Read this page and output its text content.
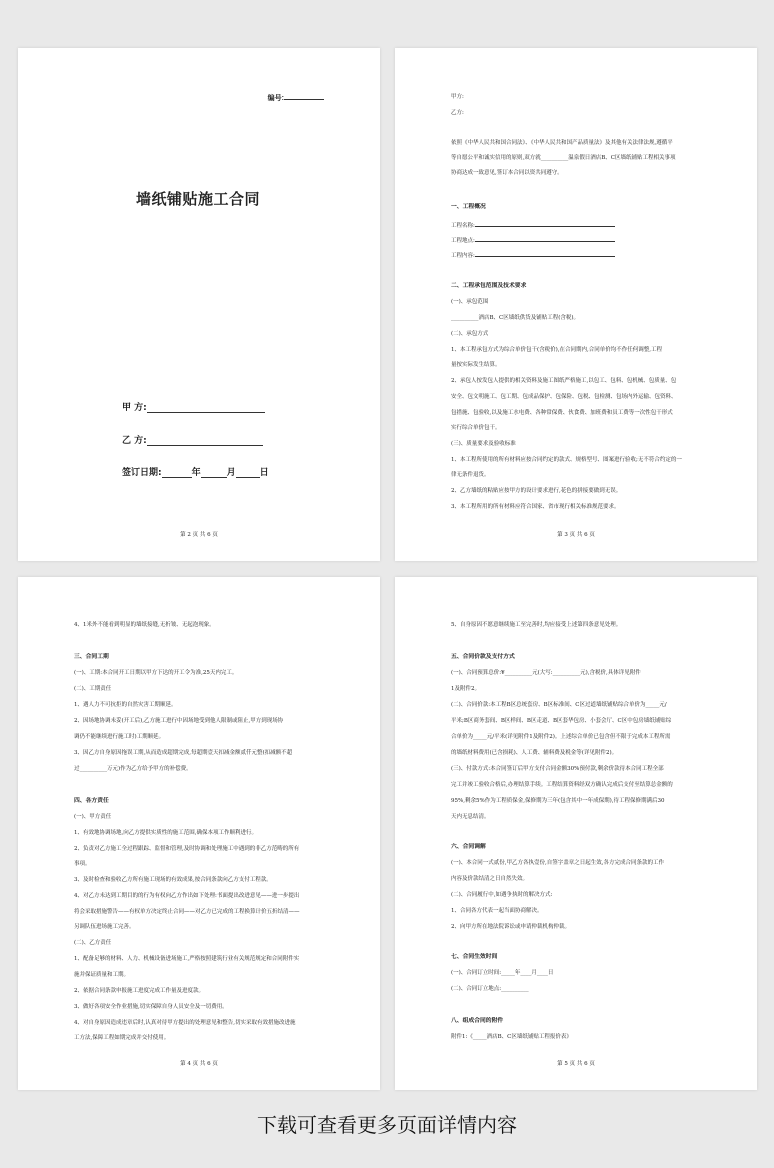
编号:
墙纸铺贴施工合同
甲 方:
乙 方:
签订日期:	年	月	日
第 2 页 共 6 页
甲方:
乙方:
依照《中华人民共和国合同法》、《中华人民共和国产品质量法》及其他有关法律法规,遵循平
等自愿公平和诚实信用的原则,双方就__________温泉假日酒店B、C区墙纸铺贴工程相关事项
协商达成一致意见,签订本合同以资共同遵守。
一、工程概况
工程名称:
工程地点:
工程内容:
二、工程承包范围及技术要求
(一)、承包范围
__________酒店B、C区墙纸供货及铺贴工程(含税)。
(二)、承包方式
1、本工程承包方式为综合单价包干(含税价),在合同期内,合同单价均不作任何调整,工程
量按实际发生结算。
2、承包人按发包人提供的相关资料及施工图纸严格施工,以包工、包料、包机械、包质量、包
安全、包文明施工、包工期、包成品保护、包保险、包税、包检测、包场内外运输、包资料、
包措施、包验收,以及施工水电费、各种常保费、伙食费、加班费和员工费等一次性包干形式
实行综合单价包干。
(三)、质量要求及验收标准
1、本工程所使用的所有材料应按合同约定的款式、规格型号、图案进行验收;无不符合约定的一
律无条件退货。
2、乙方墙纸的粘贴应按甲方的设计要求进行,花色的拼接要做到无误。
3、本工程所用的所有材料应符合国家、省市现行相关标准规范要求。
第 3 页 共 6 页
4、1米外不能看到明显的墙纸接缝,无折皱、无起泡现象。
三、合同工期
(一)、工期:本合同开工日期以甲方下达的开工令为准,25天内完工。
(二)、工期责任
1、遇人力不可抗拒的自然灾害工期顺延。
2、因场地协调未妥(开工后),乙方施工进行中因场地受到他人限制或阻止,甲方到现场协
调仍不能继续进行施工时)工期顺延。
3、因乙方自身原因拖误工期,从而造成超期完成,每超期壹天扣减金额贰仟元整(扣减额不超
过__________万元)作为乙方给予甲方的补偿费。
四、各方责任
(一)、甲方责任
1、有效地协调场地,向乙方提供实质性的施工范围,确保本项工作顺利进行。
2、负责对乙方施工全过程跟踪、监督和管理,及时协调和处理施工中遇到的非乙方范畴的所有
事项。
3、及时检查和验收乙方所有施工现场的有效成果,按合同条款向乙方支付工程款。
4、对乙方未达到工期目的的行为有权向乙方作出如下处理:书面提出改进意见——进一步提出
将会采取措施警告——有权单方决定终止合同——对乙方已完成的工程换算计价五折结清——
另调队伍进场施工完善。
(二)、乙方责任
1、配备足够的材料、人力、机械设备进场施工,严格按照建筑行业有关规范规定和合同附件实
施并保证质量和工期。
2、依据合同条款申报施工进度完成工作量及进度款。
3、做好各项安全作业措施,切实保障自身人员安全及一切费用。
4、对自身原因造成违章后时,认真对待甲方提出的处理意见和整告,切实采取有效措施改进施
工方法,保障工程如期完成并交付使用。
第 4 页 共 6 页
5、自身原因不愿意继续施工至完善时,均应接受上述第四条意见处理。
五、合同价款及支付方式
(一)、合同预算总价:¥__________元(大写:__________元),含税价,具体详见附件
1及附件2。
(二)、合同价款:本工程B区总统套房、B区标准间、C区过道墙纸铺贴综合单价为_____元/
平米;B区商务套间、B区样间、B区走道、B区套华包房、小套会厅、C区中包房墙纸铺贴综
合单价为_____元/平米(详见附件1及附件2)。上述综合单价已包含但不限于完成本工程所需
的墙纸材料费用(已含损耗)、人工费、辅料费及税金等(详见附件2)。
(三)、付款方式:本合同签订后甲方支付合同金额30%预付款,剩余价款待本合同工程全部
完工并竣工验收合格后,办理结算手续。工程结算资料经双方确认完成后支付至结算总金额的
95%,剩余5%作为工程质保金,保修期为三年(包含其中一年成保期),待工程保修期满后30
天内无息结清。
六、合同调解
(一)、本合同一式贰份,甲乙方各执壹份,自签字盖章之日起生效,各方完成合同条款的工作
内容及价款结清之日自然失效。
(二)、合同履行中,如遇争执时的解决方式:
1、合同各方代表一起当面协商解决。
2、向甲方所在地法院诉讼或申请仲裁机构仲裁。
七、合同生效时间
(一)、合同订立时间:_____年____月____日
(二)、合同订立地点:__________
八、组成合同的附件
附件1:《_____酒店B、C区墙纸铺贴工程报价表》
第 5 页 共 6 页
下载可查看更多页面详情内容
